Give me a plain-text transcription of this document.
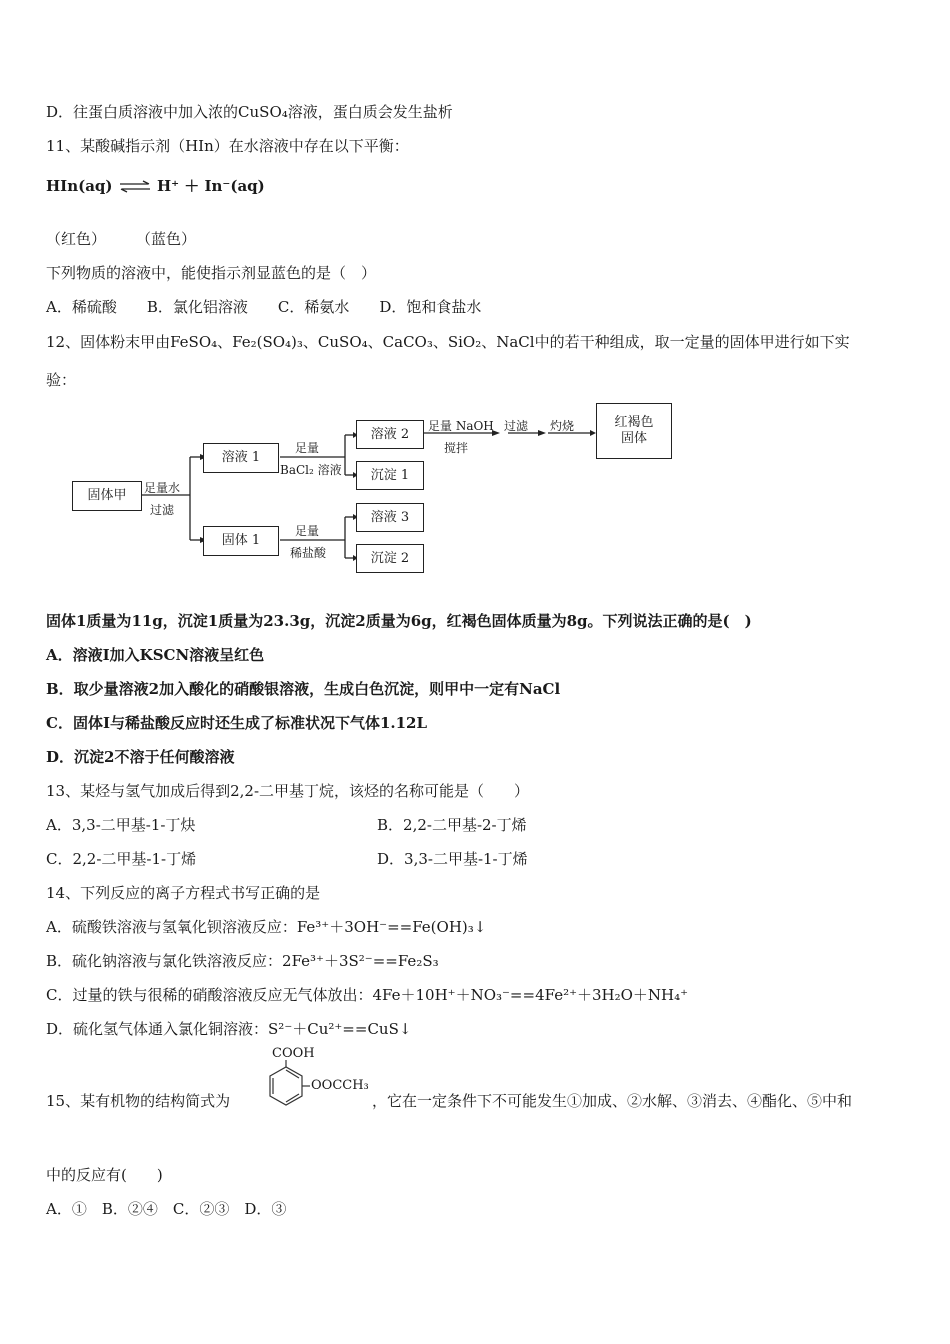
D．往蛋白质溶液中加入浓的CuSO₄溶液，蛋白质会发生盐析
11、某酸碱指示剂（HIn）在水溶液中存在以下平衡：
HIn(aq) ⇌ H⁺ ＋ In⁻(aq)
（红色）　　　（蓝色）
下列物质的溶液中，能使指示剂显蓝色的是（　）
A．稀硫酸　　B．氯化铝溶液　　C．稀氨水　　D．饱和食盐水
12、固体粉末甲由FeSO₄、Fe₂(SO₄)₃、CuSO₄、CaCO₃、SiO₂、NaCl中的若干种组成，取一定量的固体甲进行如下实
验：
固体甲	足量水
过滤
溶液 1
固体 1
足量
BaCl₂ 溶液
足量
稀盐酸
溶液 2
沉淀 1
溶液 3
沉淀 2
足量 NaOH
搅拌
过滤 灼烧	红褐色
固体
固体1质量为11g，沉淀1质量为23.3g，沉淀2质量为6g，红褐色固体质量为8g。下列说法正确的是(　)
A．溶液Ⅰ加入KSCN溶液呈红色
B．取少量溶液2加入酸化的硝酸银溶液，生成白色沉淀，则甲中一定有NaCl
C．固体Ⅰ与稀盐酸反应时还生成了标准状况下气体1.12L
D．沉淀2不溶于任何酸溶液
13、某烃与氢气加成后得到2,2-二甲基丁烷，该烃的名称可能是（　　）
A．3,3-二甲基-1-丁炔	B．2,2-二甲基-2-丁烯
C．2,2-二甲基-1-丁烯	D．3,3-二甲基-1-丁烯
14、下列反应的离子方程式书写正确的是
A．硫酸铁溶液与氢氧化钡溶液反应：Fe³⁺＋3OH⁻==Fe(OH)₃↓
B．硫化钠溶液与氯化铁溶液反应：2Fe³⁺＋3S²⁻==Fe₂S₃
C．过量的铁与很稀的硝酸溶液反应无气体放出：4Fe＋10H⁺＋NO₃⁻==4Fe²⁺＋3H₂O＋NH₄⁺
D．硫化氢气体通入氯化铜溶液：S²⁻＋Cu²⁺==CuS↓
15、某有机物的结构简式为
COOH
OOCCH₃
，它在一定条件下不可能发生①加成、②水解、③消去、④酯化、⑤中和
中的反应有(　　)
A．①　B．②④　C．②③　D．③
